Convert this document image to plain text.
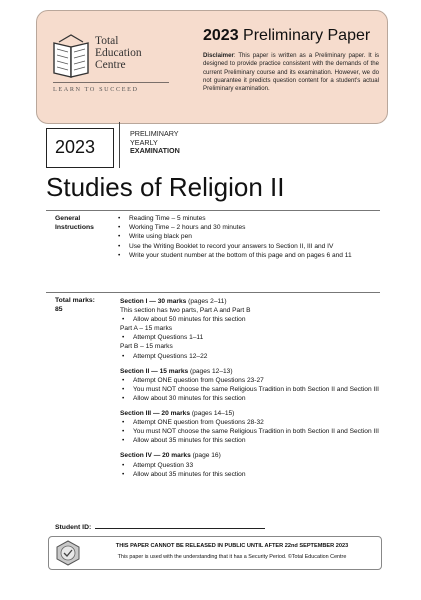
Total
Education
Centre
LEARN TO SUCCEED
2023 Preliminary Paper
Disclaimer: This paper is written as a Preliminary paper. It is designed to provide practice consistent with the demands of the current Preliminary course and its examination. However, we do not guarantee it predicts question content for a student's actual Preliminary examination.
2023
PRELIMINARY
YEARLY
EXAMINATION
Studies of Religion II
General
Instructions
• Reading Time – 5 minutes
• Working Time – 2 hours and 30 minutes
• Write using black pen
• Use the Writing Booklet to record your answers to Section II, III and IV
• Write your student number at the bottom of this page and on pages 6 and 11
Total marks:
85
Section I — 30 marks (pages 2–11)
This section has two parts, Part A and Part B
• Allow about 50 minutes for this section
Part A – 15 marks
• Attempt Questions 1–11
Part B – 15 marks
• Attempt Questions 12–22
Section II — 15 marks (pages 12–13)
• Attempt ONE question from Questions 23-27
• You must NOT choose the same Religious Tradition in both Section II and Section III
• Allow about 30 minutes for this section
Section III — 20 marks (pages 14–15)
• Attempt ONE question from Questions 28-32
• You must NOT choose the same Religious Tradition in both Section II and Section III
• Allow about 35 minutes for this section
Section IV — 20 marks (page 16)
• Attempt Question 33
• Allow about 35 minutes for this section
Student ID:
THIS PAPER CANNOT BE RELEASED IN PUBLIC UNTIL AFTER 22nd SEPTEMBER 2023
This paper is used with the understanding that it has a Security Period. ©Total Education Centre
